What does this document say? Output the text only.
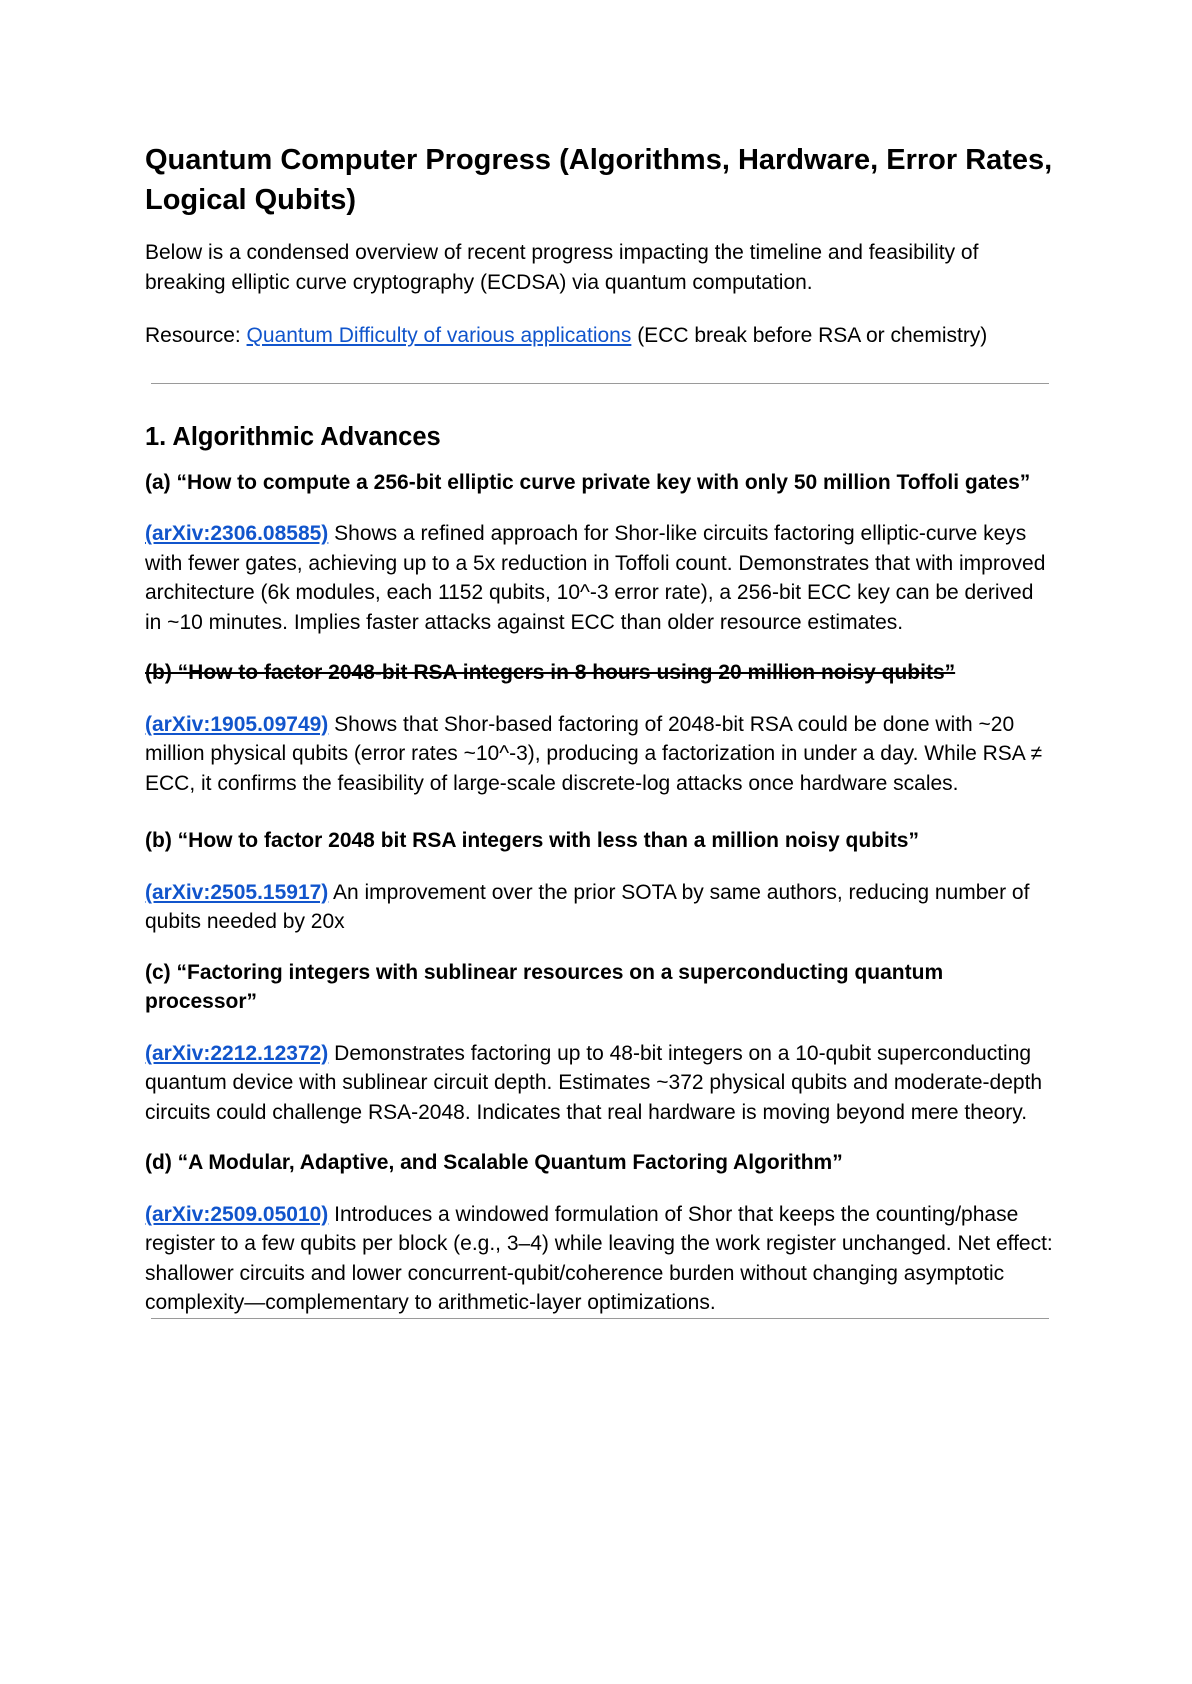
Quantum Computer Progress (Algorithms, Hardware, Error Rates, Logical Qubits)

Below is a condensed overview of recent progress impacting the timeline and feasibility of breaking elliptic curve cryptography (ECDSA) via quantum computation.

Resource: Quantum Difficulty of various applications (ECC break before RSA or chemistry)

1. Algorithmic Advances
(a) “How to compute a 256-bit elliptic curve private key with only 50 million Toffoli gates”

(arXiv:2306.08585) Shows a refined approach for Shor-like circuits factoring elliptic-curve keys with fewer gates, achieving up to a 5x reduction in Toffoli count. Demonstrates that with improved architecture (6k modules, each 1152 qubits, 10^-3 error rate), a 256-bit ECC key can be derived in ~10 minutes. Implies faster attacks against ECC than older resource estimates.

(b) “How to factor 2048-bit RSA integers in 8 hours using 20 million noisy qubits”

(arXiv:1905.09749) Shows that Shor-based factoring of 2048-bit RSA could be done with ~20 million physical qubits (error rates ~10^-3), producing a factorization in under a day. While RSA ≠ ECC, it confirms the feasibility of large-scale discrete-log attacks once hardware scales.

(b) “How to factor 2048 bit RSA integers with less than a million noisy qubits”

(arXiv:2505.15917) An improvement over the prior SOTA by same authors, reducing number of qubits needed by 20x

(c) “Factoring integers with sublinear resources on a superconducting quantum processor”

(arXiv:2212.12372) Demonstrates factoring up to 48-bit integers on a 10-qubit superconducting quantum device with sublinear circuit depth. Estimates ~372 physical qubits and moderate-depth circuits could challenge RSA-2048. Indicates that real hardware is moving beyond mere theory.

(d) “A Modular, Adaptive, and Scalable Quantum Factoring Algorithm”

(arXiv:2509.05010) Introduces a windowed formulation of Shor that keeps the counting/phase register to a few qubits per block (e.g., 3–4) while leaving the work register unchanged. Net effect: shallower circuits and lower concurrent-qubit/coherence burden without changing asymptotic complexity—complementary to arithmetic-layer optimizations.
